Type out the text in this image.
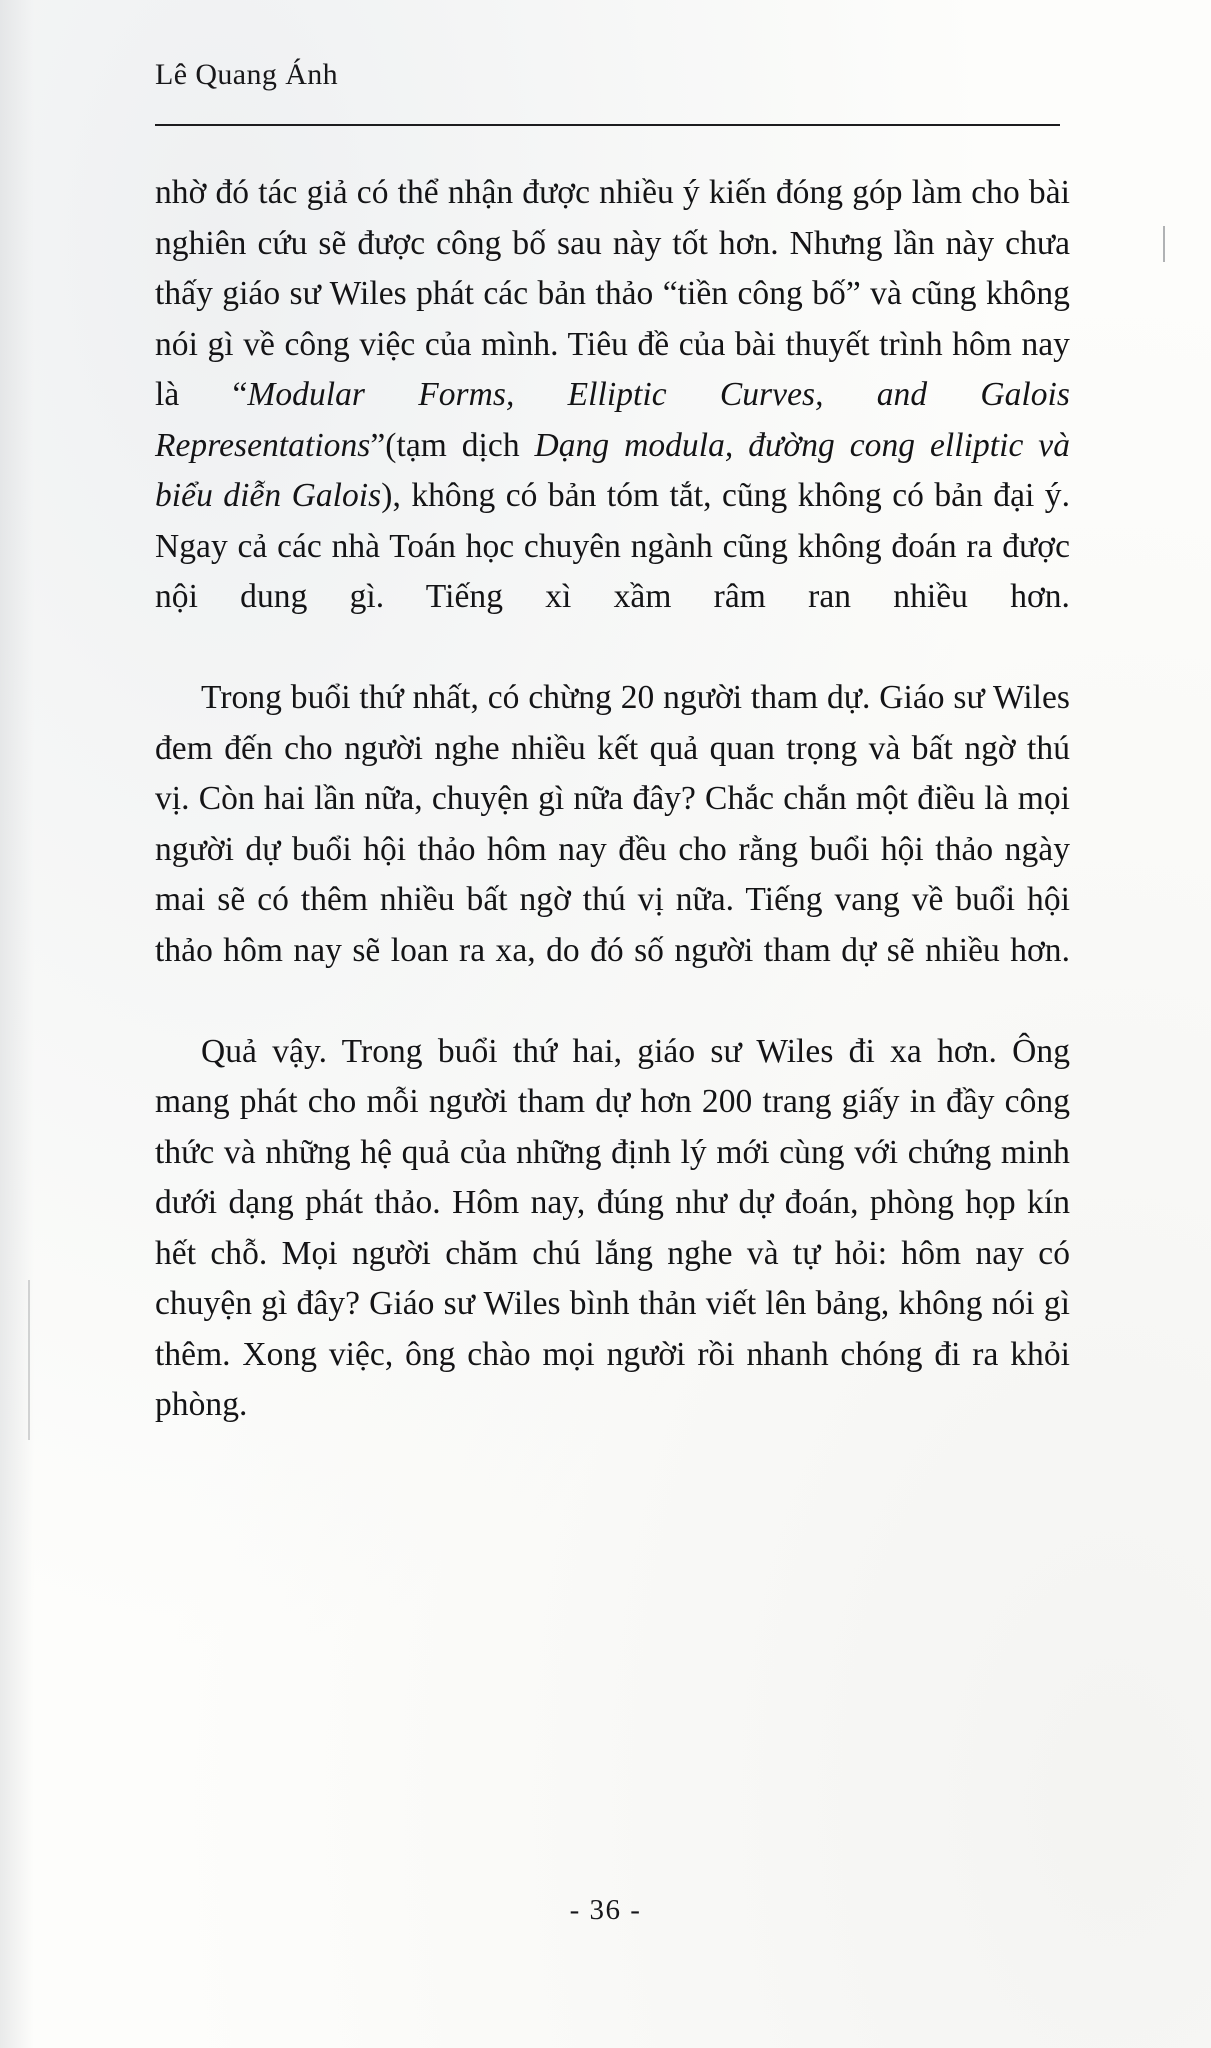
Lê Quang Ánh

nhờ đó tác giả có thể nhận được nhiều ý kiến đóng góp làm cho bài nghiên cứu sẽ được công bố sau này tốt hơn. Nhưng lần này chưa thấy giáo sư Wiles phát các bản thảo “tiền công bố” và cũng không nói gì về công việc của mình. Tiêu đề của bài thuyết trình hôm nay là “Modular Forms, Elliptic Curves, and Galois Representations”(tạm dịch Dạng modula, đường cong elliptic và biểu diễn Galois), không có bản tóm tắt, cũng không có bản đại ý. Ngay cả các nhà Toán học chuyên ngành cũng không đoán ra được nội dung gì. Tiếng xì xầm râm ran nhiều hơn.

Trong buổi thứ nhất, có chừng 20 người tham dự. Giáo sư Wiles đem đến cho người nghe nhiều kết quả quan trọng và bất ngờ thú vị. Còn hai lần nữa, chuyện gì nữa đây? Chắc chắn một điều là mọi người dự buổi hội thảo hôm nay đều cho rằng buổi hội thảo ngày mai sẽ có thêm nhiều bất ngờ thú vị nữa. Tiếng vang về buổi hội thảo hôm nay sẽ loan ra xa, do đó số người tham dự sẽ nhiều hơn.

Quả vậy. Trong buổi thứ hai, giáo sư Wiles đi xa hơn. Ông mang phát cho mỗi người tham dự hơn 200 trang giấy in đầy công thức và những hệ quả của những định lý mới cùng với chứng minh dưới dạng phát thảo. Hôm nay, đúng như dự đoán, phòng họp kín hết chỗ. Mọi người chăm chú lắng nghe và tự hỏi: hôm nay có chuyện gì đây? Giáo sư Wiles bình thản viết lên bảng, không nói gì thêm. Xong việc, ông chào mọi người rồi nhanh chóng đi ra khỏi phòng.

- 36 -
